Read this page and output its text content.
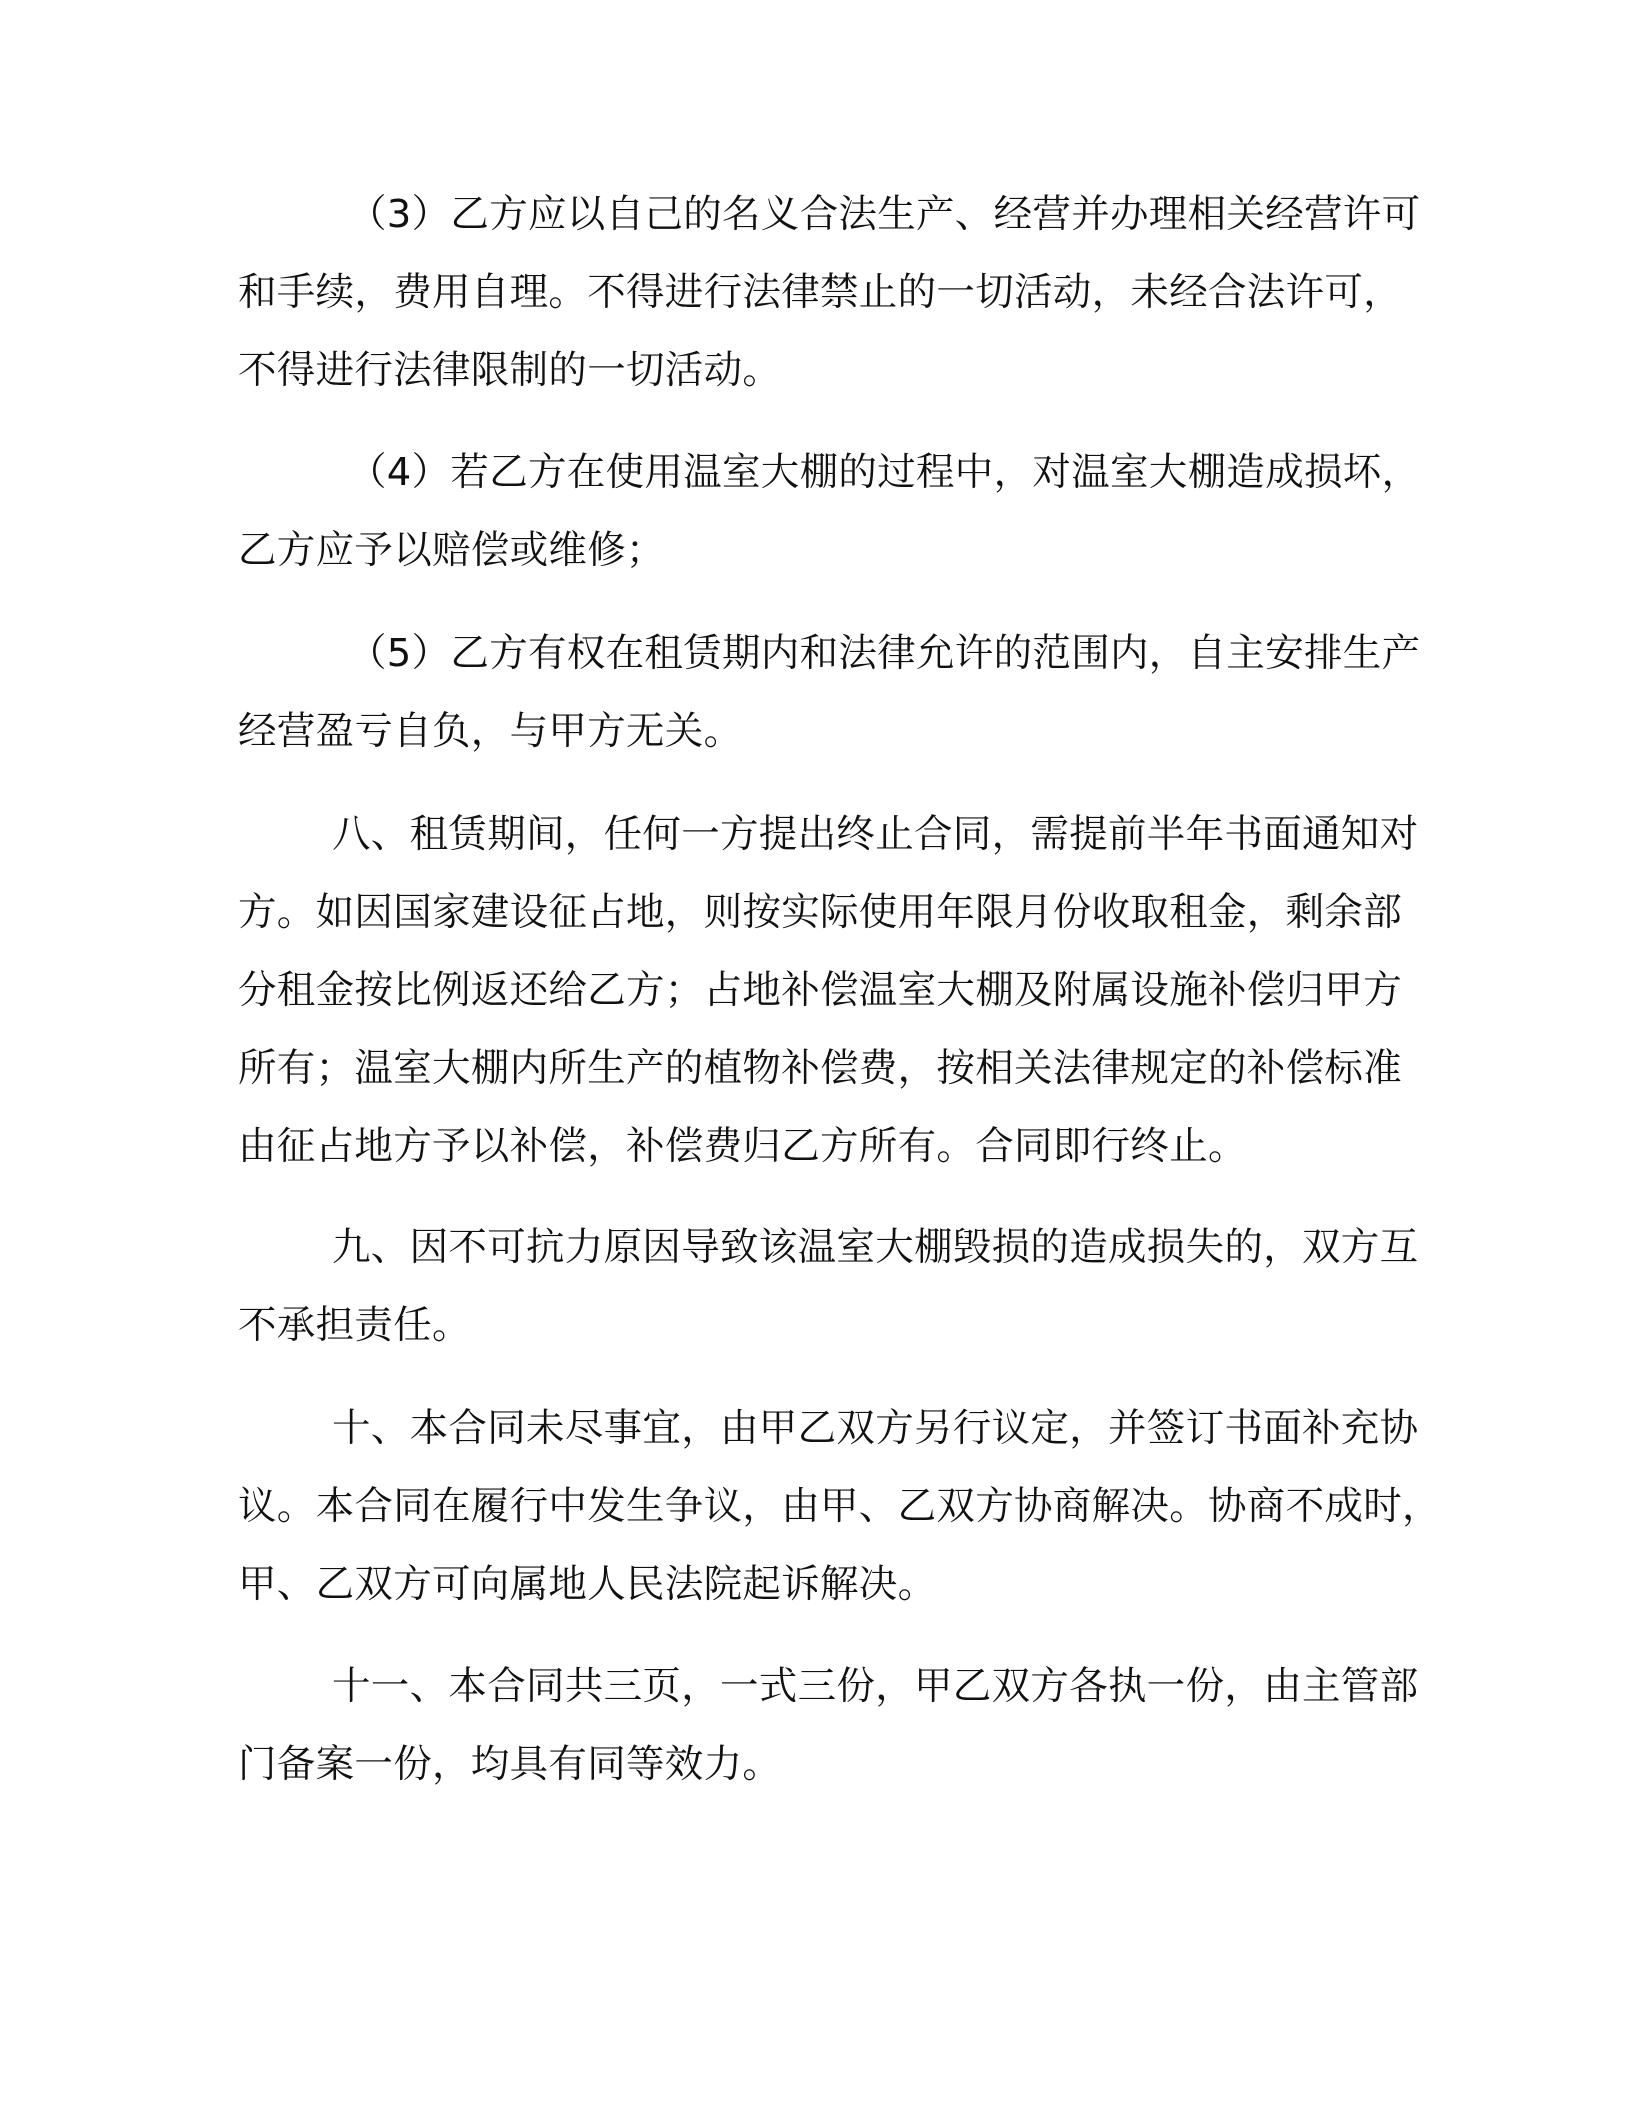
（3）乙方应以自己的名义合法生产、经营并办理相关经营许可
和手续，费用自理。不得进行法律禁止的一切活动，未经合法许可，
不得进行法律限制的一切活动。
（4）若乙方在使用温室大棚的过程中，对温室大棚造成损坏，
乙方应予以赔偿或维修；
（5）乙方有权在租赁期内和法律允许的范围内，自主安排生产
经营盈亏自负，与甲方无关。
八、租赁期间，任何一方提出终止合同，需提前半年书面通知对
方。如因国家建设征占地，则按实际使用年限月份收取租金，剩余部
分租金按比例返还给乙方；占地补偿温室大棚及附属设施补偿归甲方
所有；温室大棚内所生产的植物补偿费，按相关法律规定的补偿标准
由征占地方予以补偿，补偿费归乙方所有。合同即行终止。
九、因不可抗力原因导致该温室大棚毁损的造成损失的，双方互
不承担责任。
十、本合同未尽事宜，由甲乙双方另行议定，并签订书面补充协
议。本合同在履行中发生争议，由甲、乙双方协商解决。协商不成时，
甲、乙双方可向属地人民法院起诉解决。
十一、本合同共三页，一式三份，甲乙双方各执一份，由主管部
门备案一份，均具有同等效力。
